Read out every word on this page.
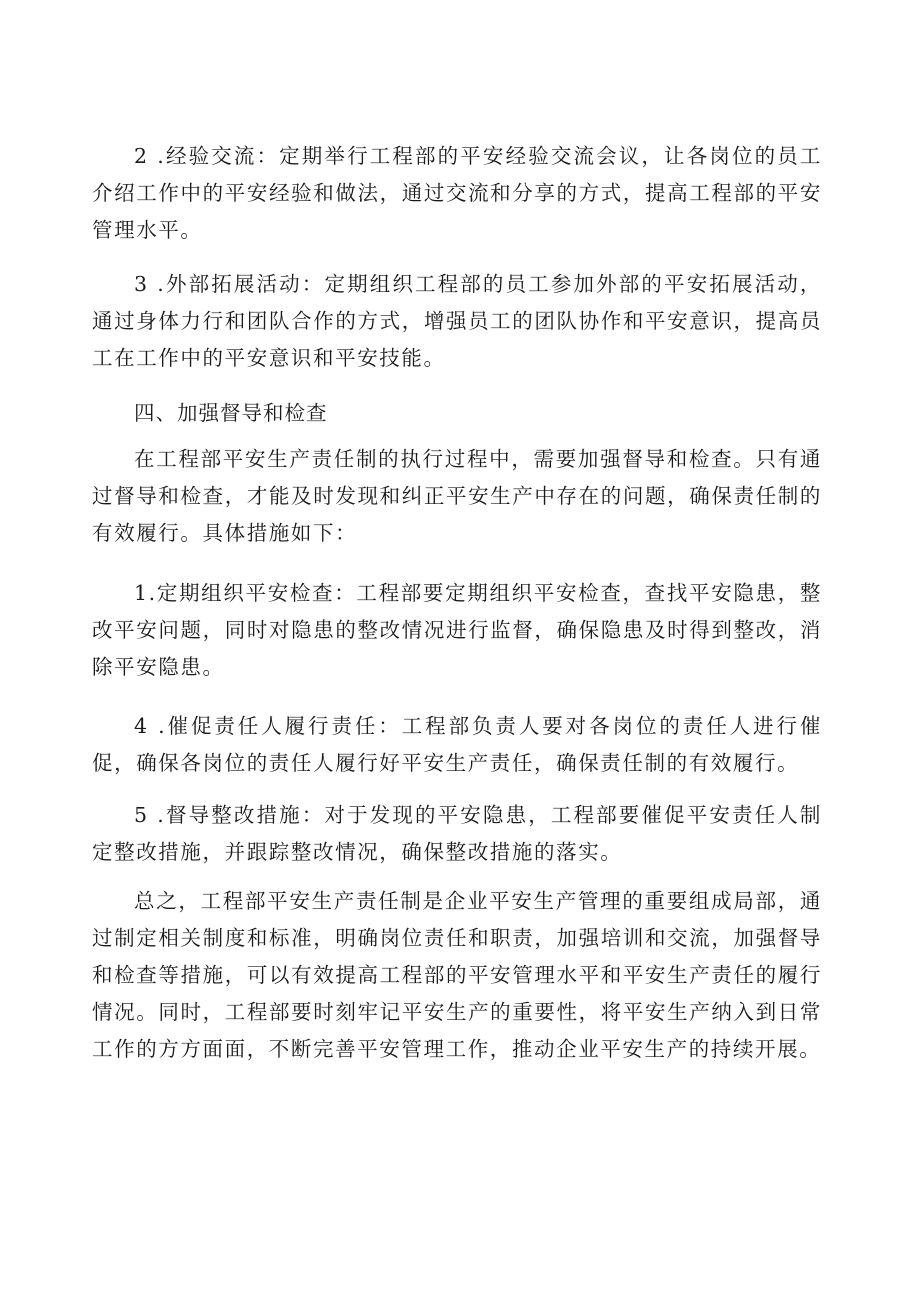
2 .经验交流：定期举行工程部的平安经验交流会议，让各岗位的员工介绍工作中的平安经验和做法，通过交流和分享的方式，提高工程部的平安管理水平。

3 .外部拓展活动：定期组织工程部的员工参加外部的平安拓展活动，通过身体力行和团队合作的方式，增强员工的团队协作和平安意识，提高员工在工作中的平安意识和平安技能。

四、加强督导和检查

在工程部平安生产责任制的执行过程中，需要加强督导和检查。只有通过督导和检查，才能及时发现和纠正平安生产中存在的问题，确保责任制的有效履行。具体措施如下：

1.定期组织平安检查：工程部要定期组织平安检查，查找平安隐患，整改平安问题，同时对隐患的整改情况进行监督，确保隐患及时得到整改，消除平安隐患。

4 .催促责任人履行责任：工程部负责人要对各岗位的责任人进行催促，确保各岗位的责任人履行好平安生产责任，确保责任制的有效履行。

5 .督导整改措施：对于发现的平安隐患，工程部要催促平安责任人制定整改措施，并跟踪整改情况，确保整改措施的落实。

总之，工程部平安生产责任制是企业平安生产管理的重要组成局部，通过制定相关制度和标准，明确岗位责任和职责，加强培训和交流，加强督导和检查等措施，可以有效提高工程部的平安管理水平和平安生产责任的履行情况。同时，工程部要时刻牢记平安生产的重要性，将平安生产纳入到日常工作的方方面面，不断完善平安管理工作，推动企业平安生产的持续开展。
